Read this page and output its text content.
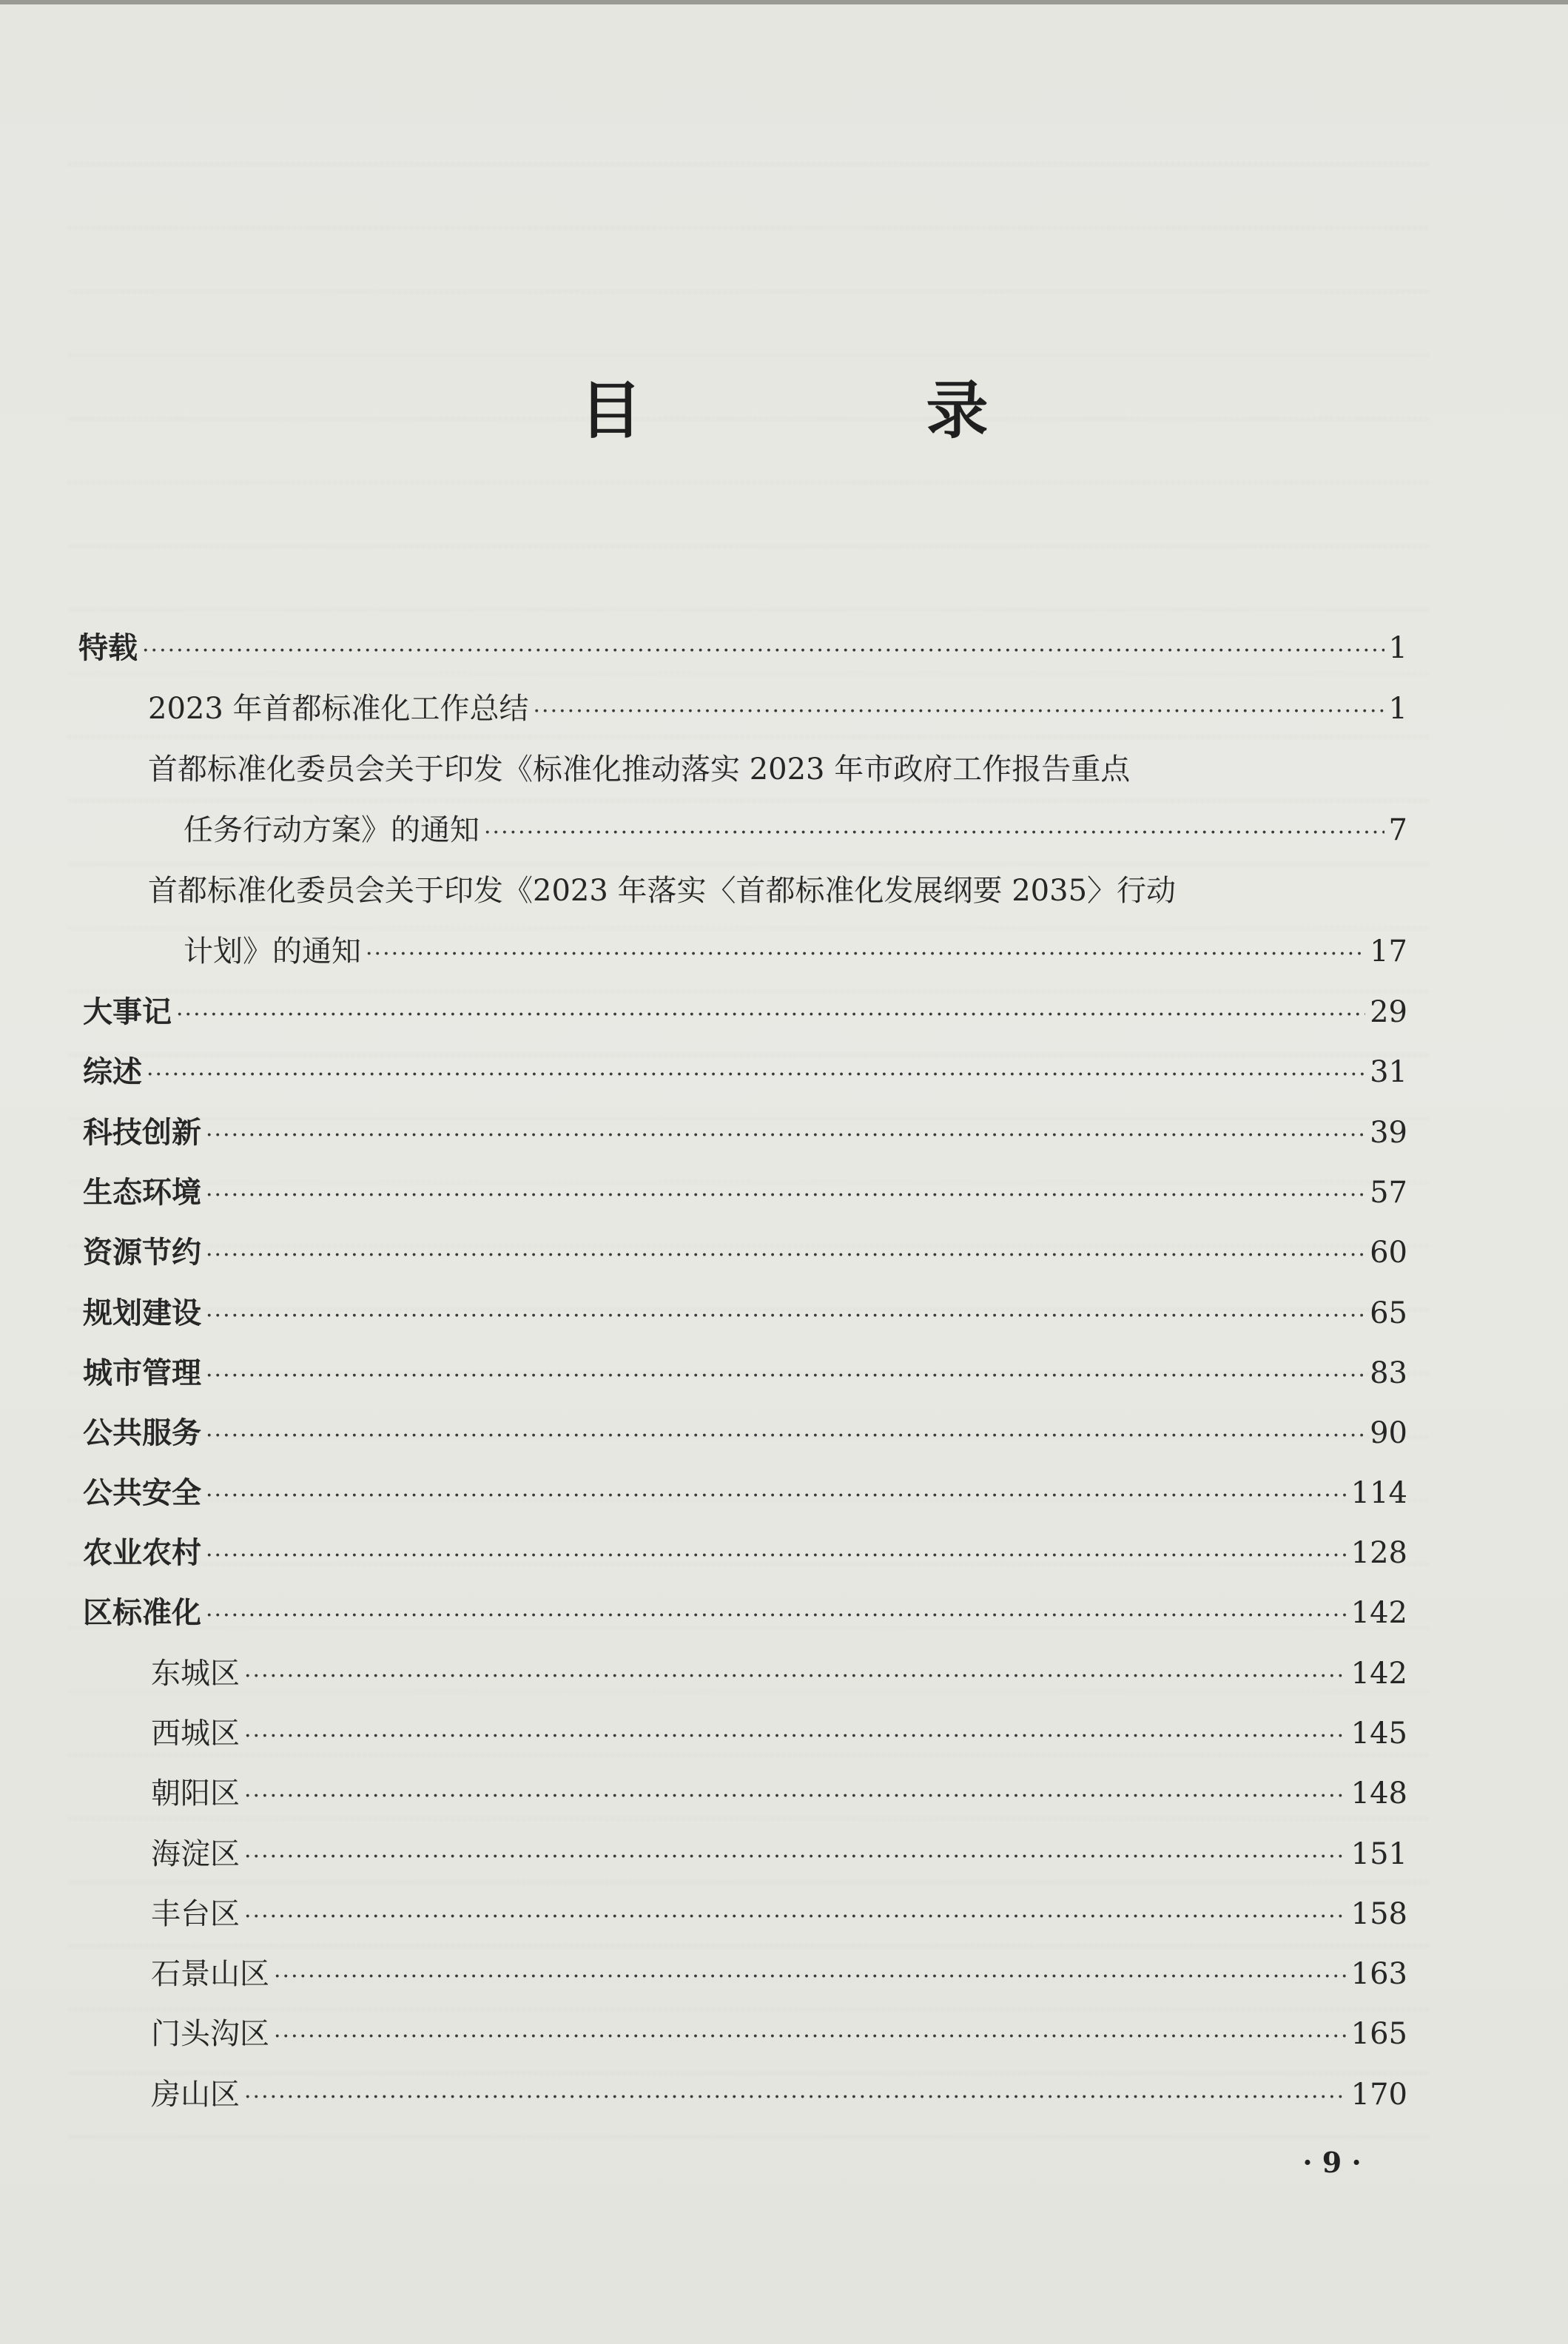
目　录
特载 ·····	1
2023 年首都标准化工作总结 ·····	1
首都标准化委员会关于印发《标准化推动落实 2023 年市政府工作报告重点
任务行动方案》的通知 ·····	7
首都标准化委员会关于印发《2023 年落实〈首都标准化发展纲要 2035〉行动
计划》的通知 ·····	17
大事记 ·····	29
综述 ·····	31
科技创新 ·····	39
生态环境 ·····	57
资源节约 ·····	60
规划建设 ·····	65
城市管理 ·····	83
公共服务 ·····	90
公共安全 ·····	114
农业农村 ·····	128
区标准化 ·····	142
东城区 ·····	142
西城区 ·····	145
朝阳区 ·····	148
海淀区 ·····	151
丰台区 ·····	158
石景山区 ·····	163
门头沟区 ·····	165
房山区 ·····	170
· 9 ·
